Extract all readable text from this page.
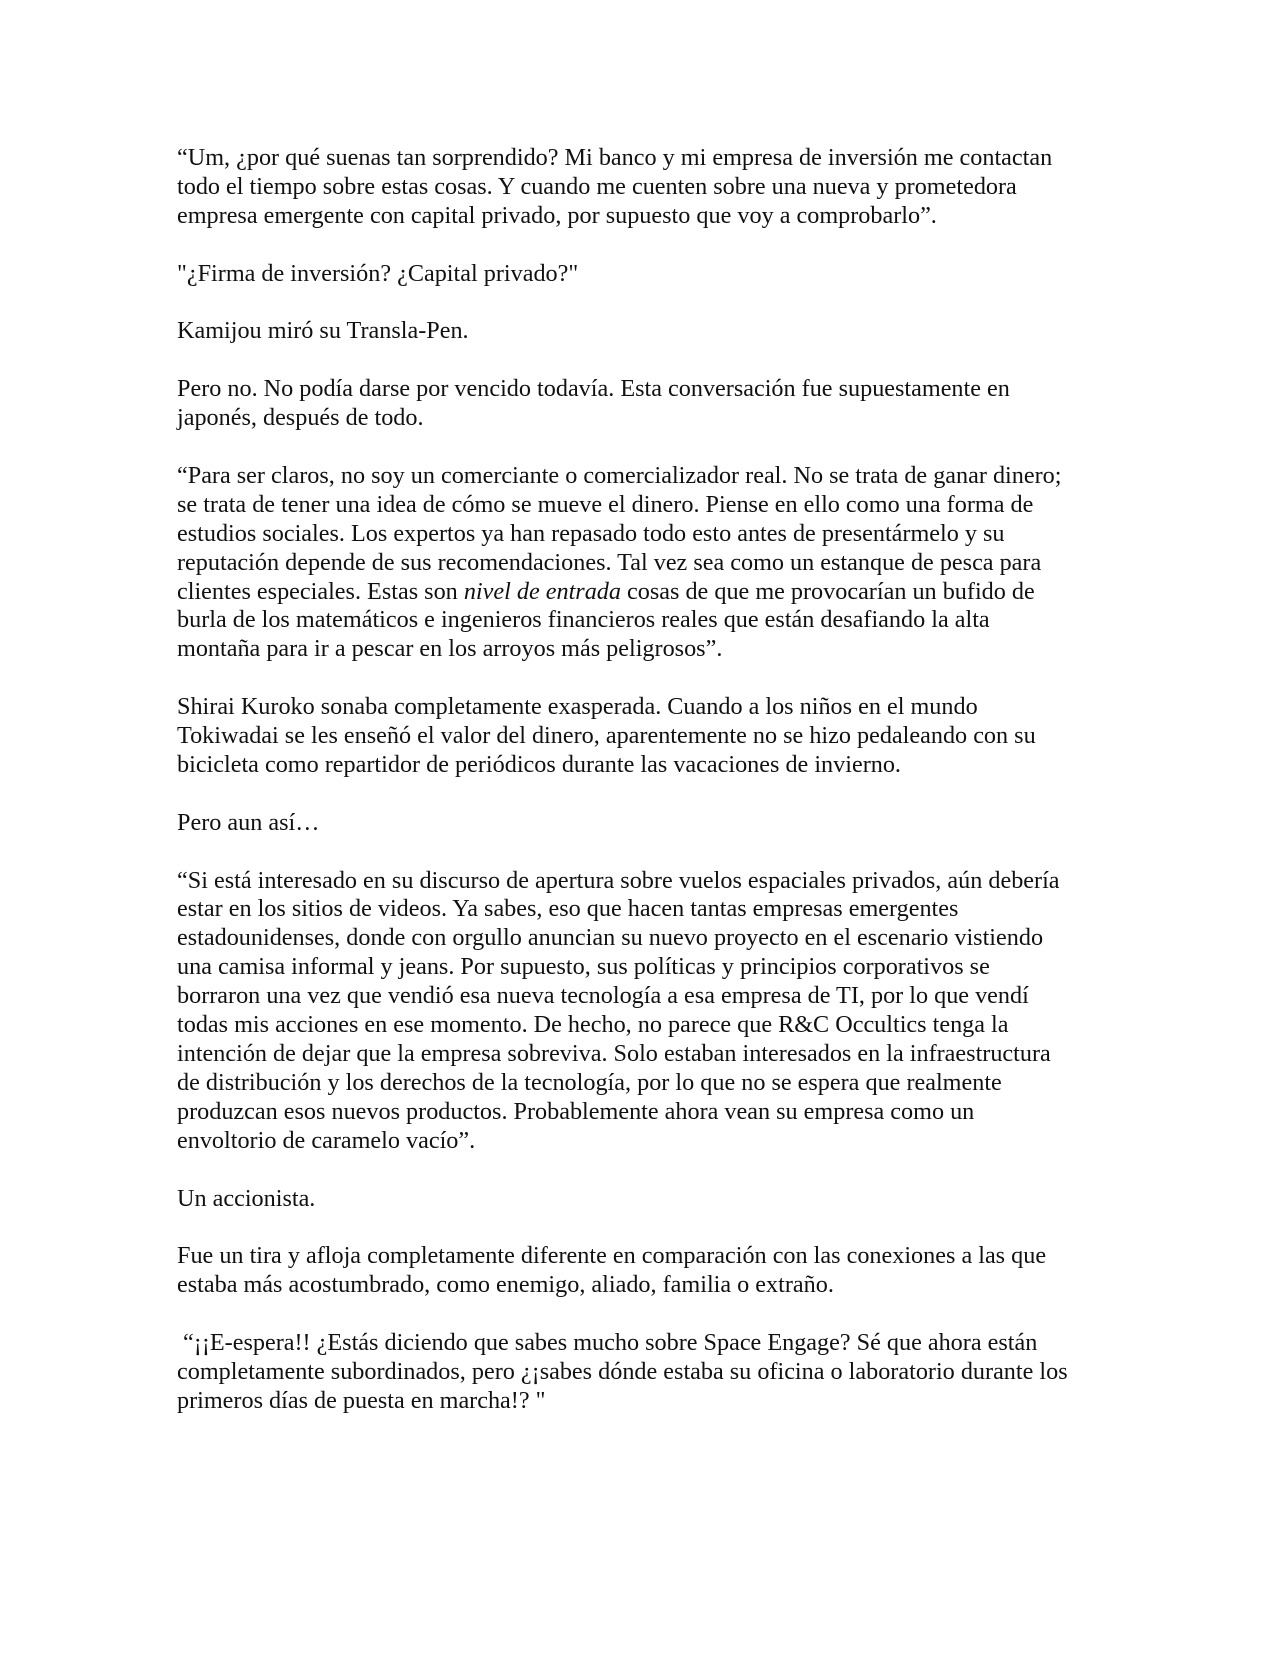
“Um, ¿por qué suenas tan sorprendido? Mi banco y mi empresa de inversión me contactan
todo el tiempo sobre estas cosas. Y cuando me cuenten sobre una nueva y prometedora
empresa emergente con capital privado, por supuesto que voy a comprobarlo”.

"¿Firma de inversión? ¿Capital privado?"

Kamijou miró su Transla-Pen.

Pero no. No podía darse por vencido todavía. Esta conversación fue supuestamente en
japonés, después de todo.

“Para ser claros, no soy un comerciante o comercializador real. No se trata de ganar dinero;
se trata de tener una idea de cómo se mueve el dinero. Piense en ello como una forma de
estudios sociales. Los expertos ya han repasado todo esto antes de presentármelo y su
reputación depende de sus recomendaciones. Tal vez sea como un estanque de pesca para
clientes especiales. Estas son nivel de entrada cosas de que me provocarían un bufido de
burla de los matemáticos e ingenieros financieros reales que están desafiando la alta
montaña para ir a pescar en los arroyos más peligrosos”.

Shirai Kuroko sonaba completamente exasperada. Cuando a los niños en el mundo
Tokiwadai se les enseñó el valor del dinero, aparentemente no se hizo pedaleando con su
bicicleta como repartidor de periódicos durante las vacaciones de invierno.

Pero aun así…

“Si está interesado en su discurso de apertura sobre vuelos espaciales privados, aún debería
estar en los sitios de videos. Ya sabes, eso que hacen tantas empresas emergentes
estadounidenses, donde con orgullo anuncian su nuevo proyecto en el escenario vistiendo
una camisa informal y jeans. Por supuesto, sus políticas y principios corporativos se
borraron una vez que vendió esa nueva tecnología a esa empresa de TI, por lo que vendí
todas mis acciones en ese momento. De hecho, no parece que R&C Occultics tenga la
intención de dejar que la empresa sobreviva. Solo estaban interesados en la infraestructura
de distribución y los derechos de la tecnología, por lo que no se espera que realmente
produzcan esos nuevos productos. Probablemente ahora vean su empresa como un
envoltorio de caramelo vacío”.

Un accionista.

Fue un tira y afloja completamente diferente en comparación con las conexiones a las que
estaba más acostumbrado, como enemigo, aliado, familia o extraño.

“¡¡E-espera!! ¿Estás diciendo que sabes mucho sobre Space Engage? Sé que ahora están
completamente subordinados, pero ¿¡sabes dónde estaba su oficina o laboratorio durante los
primeros días de puesta en marcha!? "
